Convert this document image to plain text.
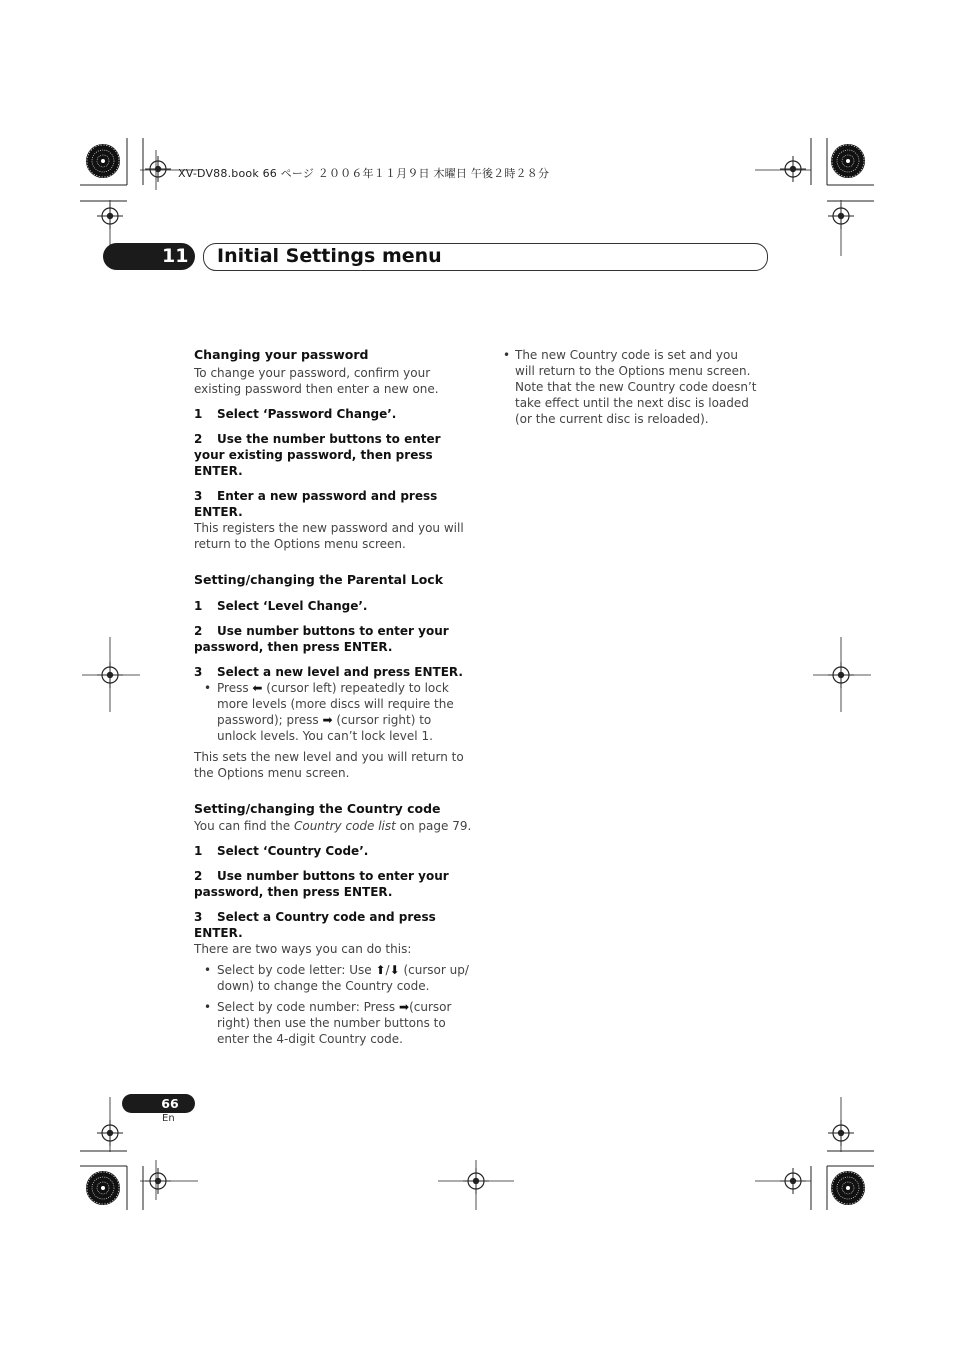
XV-DV88.book 66 ページ ２００６年１１月９日 木曜日 午後２時２８分
11	Initial Settings menu
Changing your password
To change your password, confirm your existing password then enter a new one.
1 Select ‘Password Change’.
2 Use the number buttons to enter your existing password, then press ENTER.
3 Enter a new password and press ENTER.
This registers the new password and you will return to the Options menu screen.
Setting/changing the Parental Lock
1 Select ‘Level Change’.
2 Use number buttons to enter your password, then press ENTER.
3 Select a new level and press ENTER.
• Press ⬅ (cursor left) repeatedly to lock more levels (more discs will require the password); press ➡ (cursor right) to unlock levels. You can’t lock level 1.
This sets the new level and you will return to the Options menu screen.
Setting/changing the Country code
You can find the Country code list on page 79.
1 Select ‘Country Code’.
2 Use number buttons to enter your password, then press ENTER.
3 Select a Country code and press ENTER.
There are two ways you can do this:
• Select by code letter: Use ⬆/⬇ (cursor up/ down) to change the Country code.
• Select by code number: Press ➡(cursor right) then use the number buttons to enter the 4-digit Country code.
• The new Country code is set and you will return to the Options menu screen. Note that the new Country code doesn’t take effect until the next disc is loaded (or the current disc is reloaded).
66
En
